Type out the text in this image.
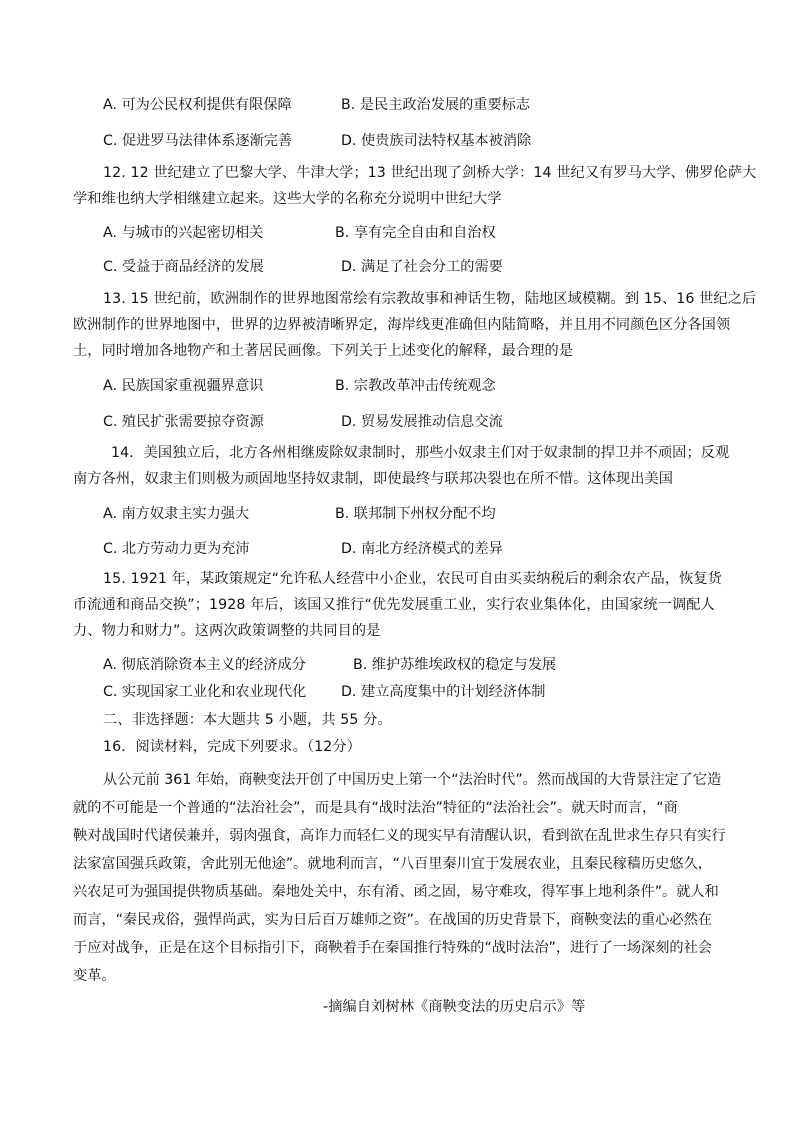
A. 可为公民权利提供有限保障	B. 是民主政治发展的重要标志
C. 促进罗马法律体系逐渐完善	D. 使贵族司法特权基本被消除
12. 12 世纪建立了巴黎大学、牛津大学；13 世纪出现了剑桥大学：14 世纪又有罗马大学、佛罗伦萨大
学和维也纳大学相继建立起来。这些大学的名称充分说明中世纪大学
A. 与城市的兴起密切相关	B. 享有完全自由和自治权
C. 受益于商品经济的发展	D. 满足了社会分工的需要
13. 15 世纪前，欧洲制作的世界地图常绘有宗教故事和神话生物，陆地区域模糊。到 15、16 世纪之后
欧洲制作的世界地图中，世界的边界被清晰界定，海岸线更准确但内陆简略，并且用不同颜色区分各国领
土，同时增加各地物产和土著居民画像。下列关于上述变化的解释，最合理的是
A. 民族国家重视疆界意识	B. 宗教改革冲击传统观念
C. 殖民扩张需要掠夺资源	D. 贸易发展推动信息交流
14．美国独立后，北方各州相继废除奴隶制时，那些小奴隶主们对于奴隶制的捍卫并不顽固；反观
南方各州，奴隶主们则极为顽固地坚持奴隶制，即使最终与联邦决裂也在所不惜。这体现出美国
A. 南方奴隶主实力强大	B. 联邦制下州权分配不均
C. 北方劳动力更为充沛	D. 南北方经济模式的差异
15. 1921 年，某政策规定“允许私人经营中小企业，农民可自由买卖纳税后的剩余农产品，恢复货
币流通和商品交换”；1928 年后，该国又推行“优先发展重工业，实行农业集体化，由国家统一调配人
力、物力和财力”。这两次政策调整的共同目的是
A. 彻底消除资本主义的经济成分	B. 维护苏维埃政权的稳定与发展
C. 实现国家工业化和农业现代化 D. 建立高度集中的计划经济体制
二、非选择题：本大题共 5 小题，共 55 分。
16．阅读材料，完成下列要求。（12分）
从公元前 361 年始，商鞅变法开创了中国历史上第一个“法治时代”。然而战国的大背景注定了它造
就的不可能是一个普通的“法治社会”，而是具有“战时法治”特征的“法治社会”。就天时而言，“商
鞅对战国时代诸侯兼并，弱肉强食，高诈力而轻仁义的现实早有清醒认识，看到欲在乱世求生存只有实行
法家富国强兵政策，舍此别无他途”。就地利而言，“八百里秦川宜于发展农业，且秦民稼穑历史悠久，
兴农足可为强国提供物质基础。秦地处关中，东有淆、函之固，易守难攻，得军事上地利条件”。就人和
而言，“秦民戎俗，强悍尚武，实为日后百万雄师之资”。在战国的历史背景下，商鞅变法的重心必然在
于应对战争，正是在这个目标指引下，商鞅着手在秦国推行特殊的“战时法治”，进行了一场深刻的社会
变革。
-摘编自刘树林《商鞅变法的历史启示》等
